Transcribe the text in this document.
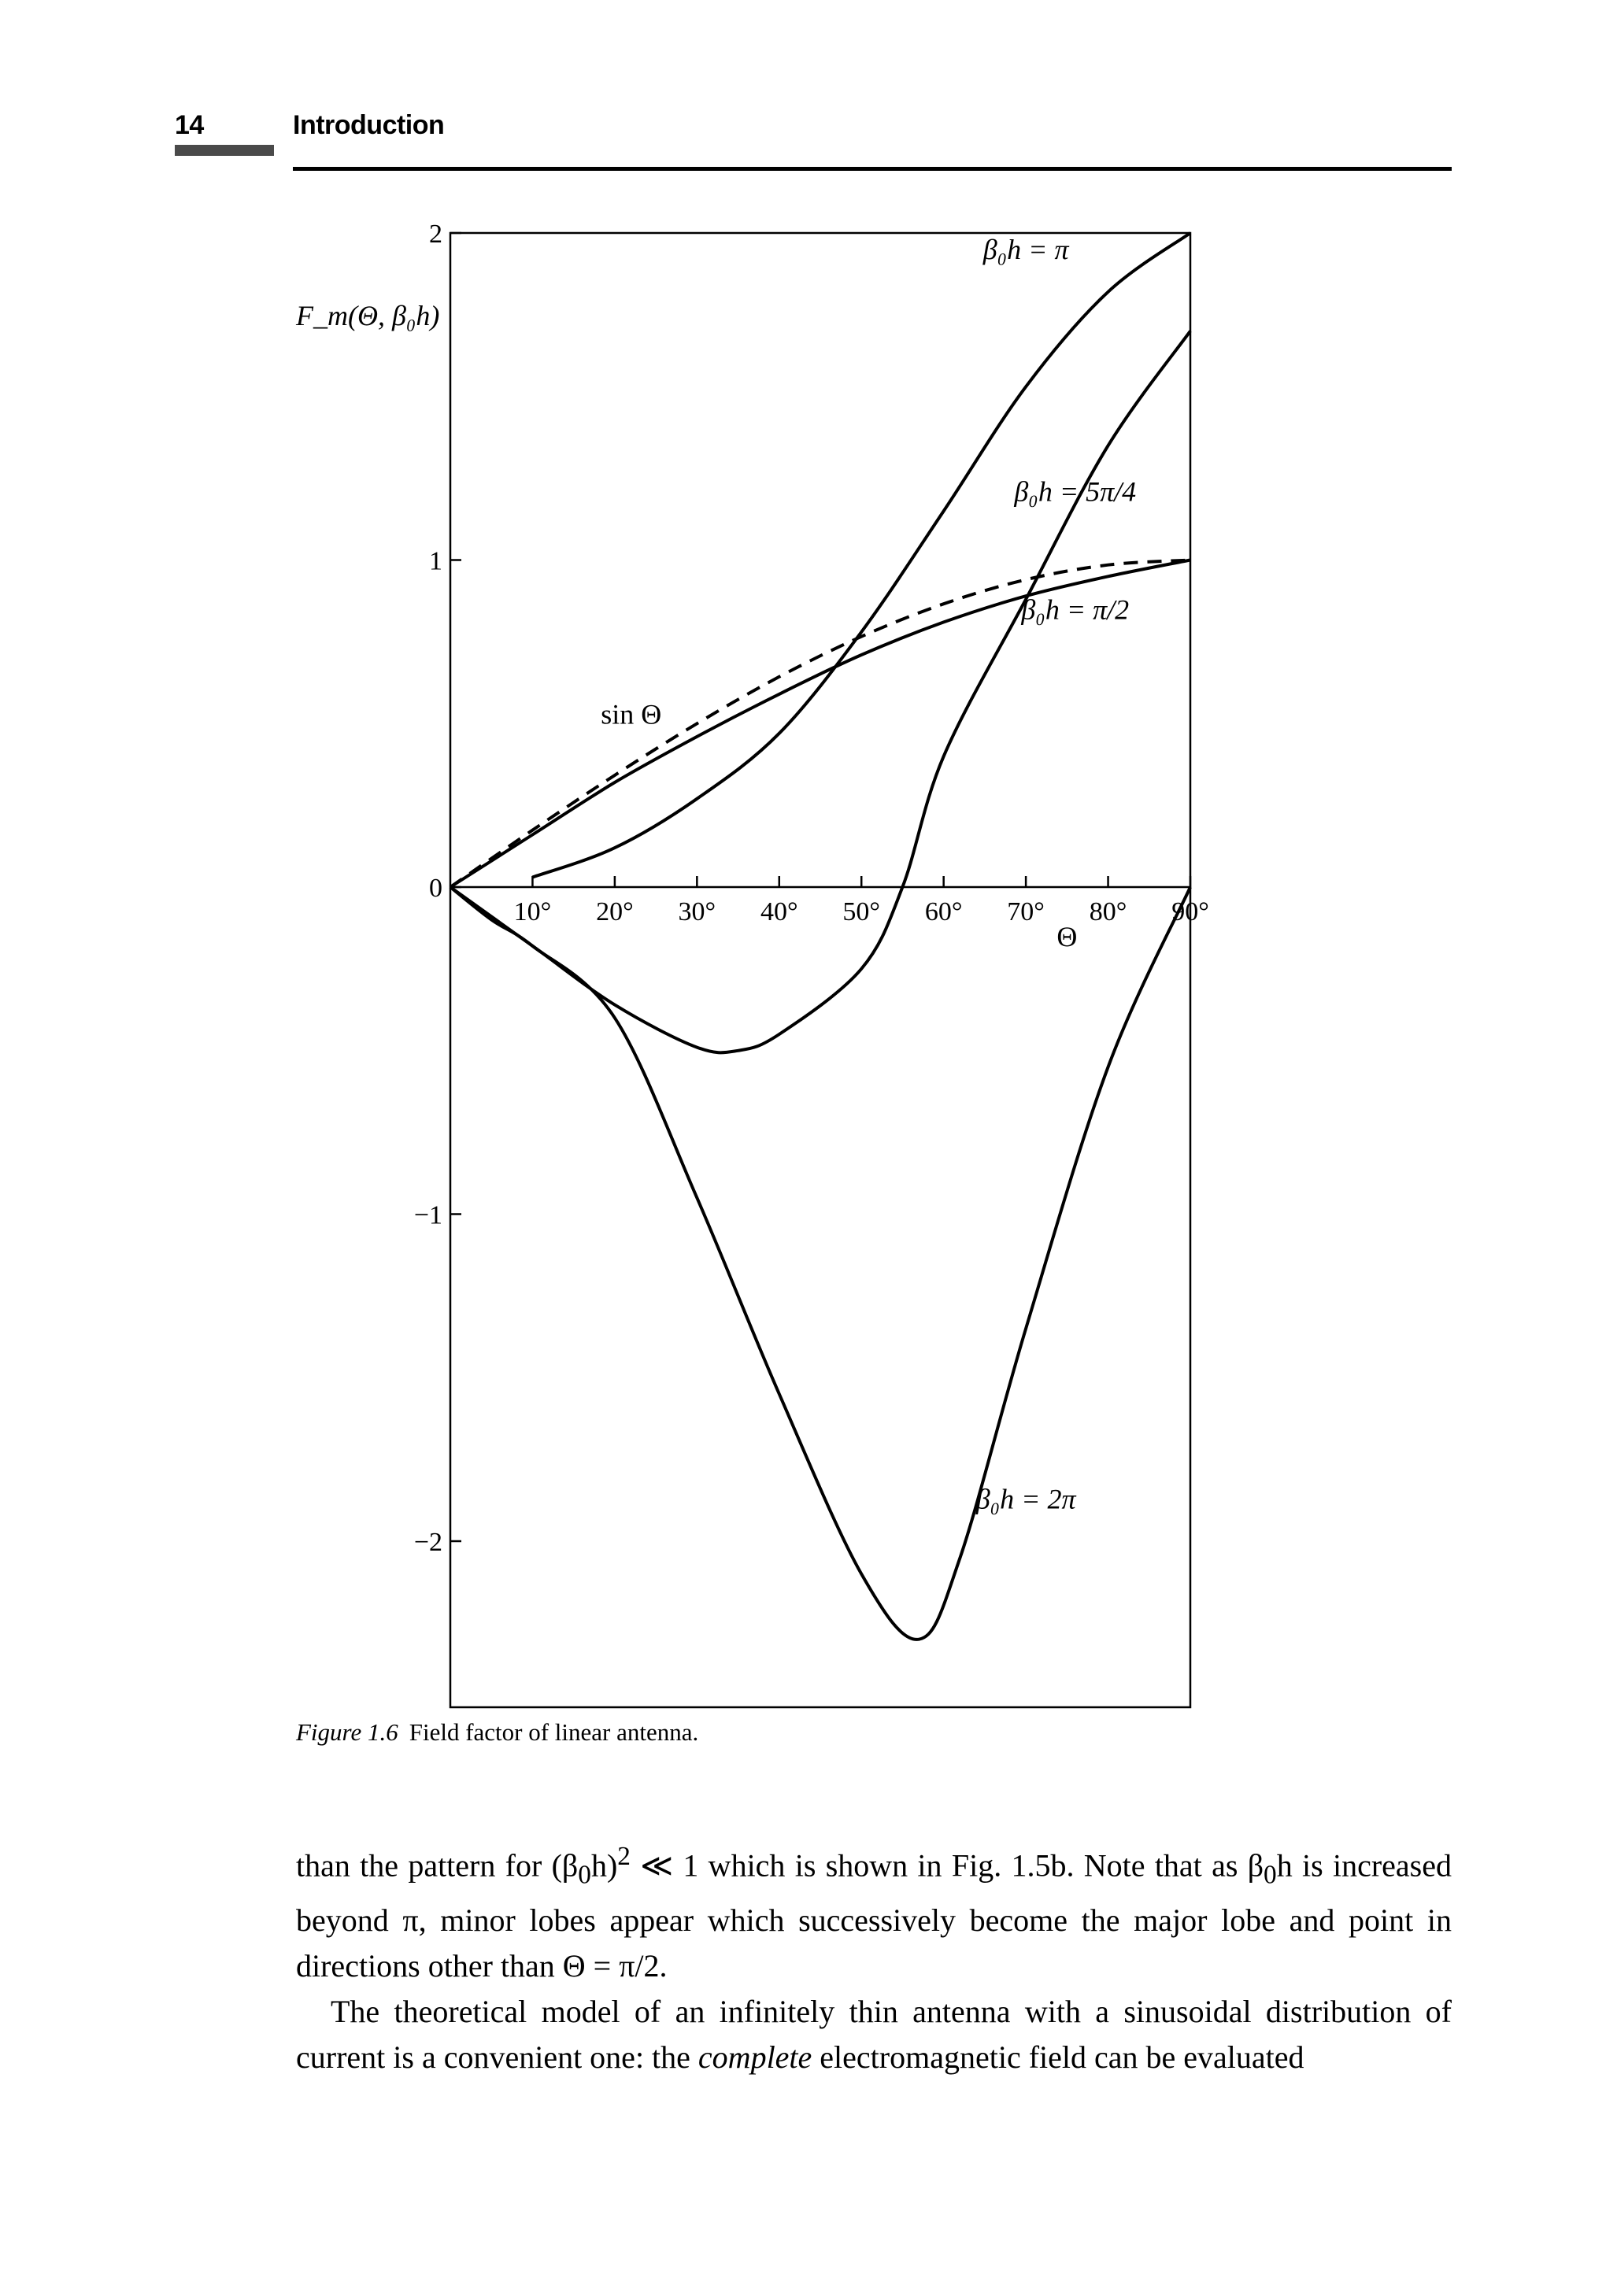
14	Introduction
10° 20° 30° 40° 50° 60° 70° 80° 90°
2
1
0
−1
−2
F_m(Θ, β₀h)
β₀h = π
β₀h = 5π/4
β₀h = π/2
sin Θ
β₀h = 2π
Θ
Figure 1.6 Field factor of linear antenna.

than the pattern for $(\beta_0h)^2$ ≪ 1 which is shown in Fig. 1.5b. Note that as $\beta_0h$ is increased beyond π, minor lobes appear which successively become the major lobe and point in directions other than Θ = π/2.

The theoretical model of an infinitely thin antenna with a sinusoidal distribution of current is a convenient one: the complete electromagnetic field can be evaluated
